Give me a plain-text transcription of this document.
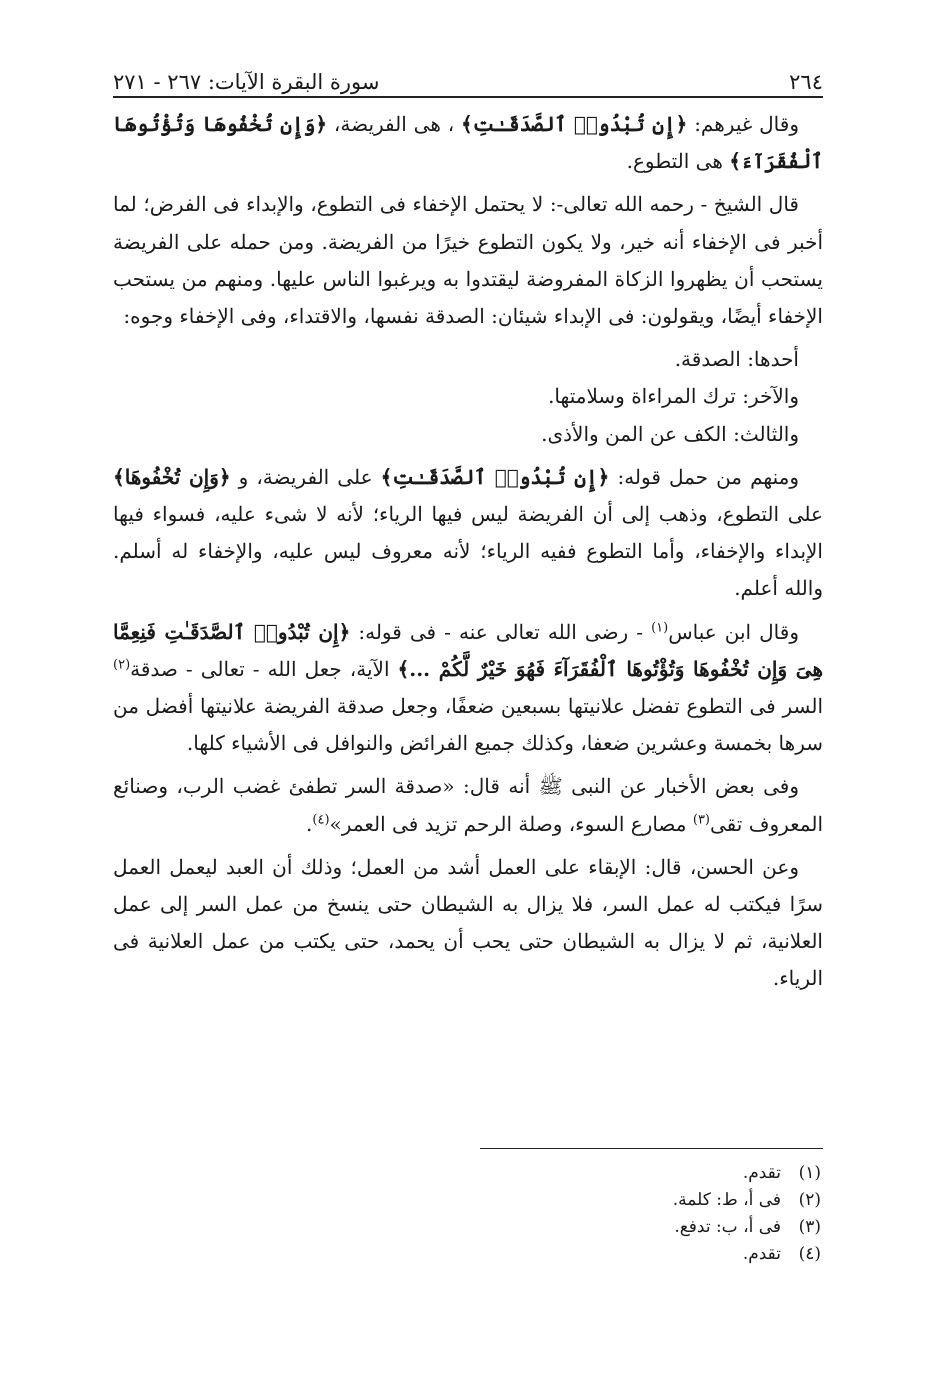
٢٦٤
سورة البقرة الآيات: ٢٦٧ - ٢٧١

وقال غيرهم: ﴿إِن تُبْدُوا۟ ٱلصَّدَقَـٰتِ﴾ ، هى الفريضة، ﴿وَإِن تُخْفُوهَا وَتُؤْتُوهَا ٱلْفُقَرَآءَ﴾ هى التطوع.

قال الشيخ - رحمه الله تعالى-: لا يحتمل الإخفاء فى التطوع، والإبداء فى الفرض؛ لما أخبر فى الإخفاء أنه خير، ولا يكون التطوع خيرًا من الفريضة. ومن حمله على الفريضة يستحب أن يظهروا الزكاة المفروضة ليقتدوا به ويرغبوا الناس عليها. ومنهم من يستحب الإخفاء أيضًا، ويقولون: فى الإبداء شيئان: الصدقة نفسها، والاقتداء، وفى الإخفاء وجوه:

أحدها: الصدقة.

والآخر: ترك المراءاة وسلامتها.

والثالث: الكف عن المن والأذى.

ومنهم من حمل قوله: ﴿إِن تُبْدُوا۟ ٱلصَّدَقَـٰتِ﴾ على الفريضة، و ﴿وَإِن تُخْفُوهَا﴾ على التطوع، وذهب إلى أن الفريضة ليس فيها الرياء؛ لأنه لا شىء عليه، فسواء فيها الإبداء والإخفاء، وأما التطوع ففيه الرياء؛ لأنه معروف ليس عليه، والإخفاء له أسلم. والله أعلم.

وقال ابن عباس$^{(١)}$ - رضى الله تعالى عنه - فى قوله: ﴿إِن تُبْدُوا۟ ٱلصَّدَقَـٰتِ فَنِعِمَّا هِىَ وَإِن تُخْفُوهَا وَتُؤْتُوهَا ٱلْفُقَرَآءَ فَهُوَ خَيْرٌ لَّكُمْ ...﴾ الآية، جعل الله - تعالى - صدقة$^{(٢)}$ السر فى التطوع تفضل علانيتها بسبعين ضعفًا، وجعل صدقة الفريضة علانيتها أفضل من سرها بخمسة وعشرين ضعفا، وكذلك جميع الفرائض والنوافل فى الأشياء كلها.

وفى بعض الأخبار عن النبى ﷺ أنه قال: «صدقة السر تطفئ غضب الرب، وصنائع المعروف تقى$^{(٣)}$ مصارع السوء، وصلة الرحم تزيد فى العمر»$^{(٤)}$.

وعن الحسن، قال: الإبقاء على العمل أشد من العمل؛ وذلك أن العبد ليعمل العمل سرًا فيكتب له عمل السر، فلا يزال به الشيطان حتى ينسخ من عمل السر إلى عمل العلانية، ثم لا يزال به الشيطان حتى يحب أن يحمد، حتى يكتب من عمل العلانية فى الرياء.

(١)تقدم.
(٢)فى أ، ط: كلمة.
(٣)فى أ، ب: تدفع.
(٤)تقدم.
